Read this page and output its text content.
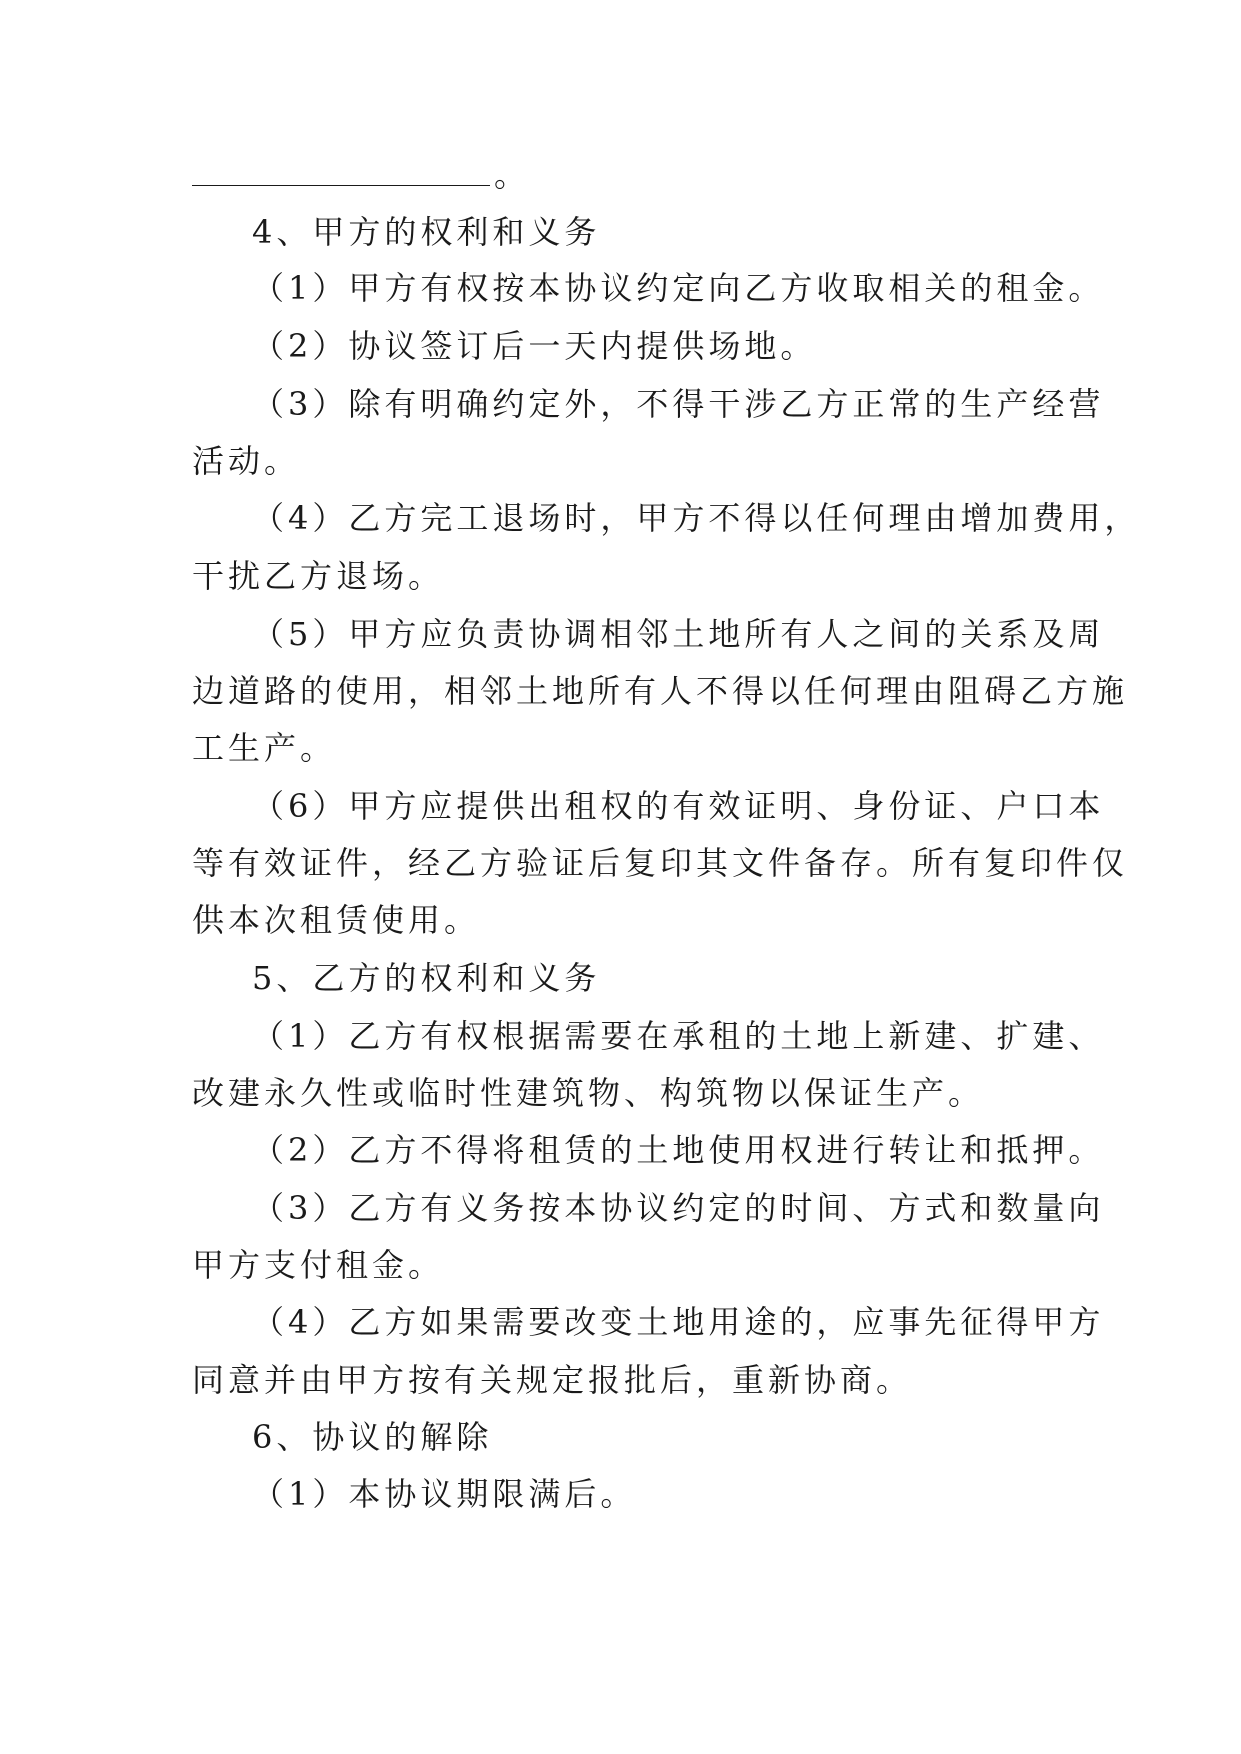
。
4、甲方的权利和义务
（1）甲方有权按本协议约定向乙方收取相关的租金。
（2）协议签订后一天内提供场地。
（3）除有明确约定外，不得干涉乙方正常的生产经营
活动。
（4）乙方完工退场时，甲方不得以任何理由增加费用，
干扰乙方退场。
（5）甲方应负责协调相邻土地所有人之间的关系及周
边道路的使用，相邻土地所有人不得以任何理由阻碍乙方施
工生产。
（6）甲方应提供出租权的有效证明、身份证、户口本
等有效证件，经乙方验证后复印其文件备存。所有复印件仅
供本次租赁使用。
5、乙方的权利和义务
（1）乙方有权根据需要在承租的土地上新建、扩建、
改建永久性或临时性建筑物、构筑物以保证生产。
（2）乙方不得将租赁的土地使用权进行转让和抵押。
（3）乙方有义务按本协议约定的时间、方式和数量向
甲方支付租金。
（4）乙方如果需要改变土地用途的，应事先征得甲方
同意并由甲方按有关规定报批后，重新协商。
6、协议的解除
（1）本协议期限满后。
